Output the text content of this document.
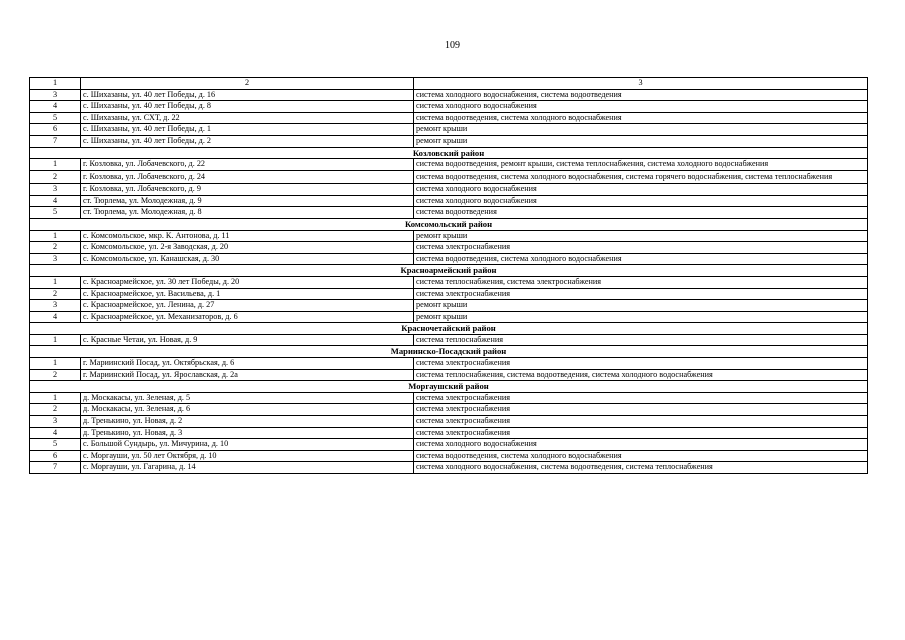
109
1	2	3
3	с. Шихазаны, ул. 40 лет Победы, д. 16	система холодного водоснабжения, система водоотведения
4	с. Шихазаны, ул. 40 лет Победы, д. 8	система холодного водоснабжения
5	с. Шихазаны, ул. СХТ, д. 22	система водоотведения, система холодного водоснабжения
6	с. Шихазаны, ул. 40 лет Победы, д. 1	ремонт крыши
7	с. Шихазаны, ул. 40 лет Победы, д. 2	ремонт крыши
Козловский район		
1	г. Козловка, ул. Лобачевского, д. 22	система водоотведения, ремонт крыши, система теплоснабжения, система холодного водоснабжения
2	г. Козловка, ул. Лобачевского, д. 24	система водоотведения, система холодного водоснабжения, система горячего водоснабжения, система теплоснабжения
3	г. Козловка, ул. Лобачевского, д. 9	система холодного водоснабжения
4	ст. Тюрлема, ул. Молодежная, д. 9	система холодного водоснабжения
5	ст. Тюрлема, ул. Молодежная, д. 8	система водоотведения
Комсомольский район		
1	с. Комсомольское, мкр. К. Антонова, д. 11	ремонт крыши
2	с. Комсомольское, ул. 2-я Заводская, д. 20	система электроснабжения
3	с. Комсомольское, ул. Канашская, д. 30	система водоотведения, система холодного водоснабжения
Красноармейский район		
1	с. Красноармейское, ул. 30 лет Победы, д. 20	система теплоснабжения, система электроснабжения
2	с. Красноармейское, ул. Васильева, д. 1	система электроснабжения
3	с. Красноармейское, ул. Ленина, д. 27	ремонт крыши
4	с. Красноармейское, ул. Механизаторов, д. 6	ремонт крыши
Красночетайский район		
1	с. Красные Четаи, ул. Новая, д. 9	система теплоснабжения
Мариинско-Посадский район		
1	г. Мариинский Посад, ул. Октябрьская, д. 6	система электроснабжения
2	г. Мариинский Посад, ул. Ярославская, д. 2а	система теплоснабжения, система водоотведения, система холодного водоснабжения
Моргаушский район		
1	д. Москакасы, ул. Зеленая, д. 5	система электроснабжения
2	д. Москакасы, ул. Зеленая, д. 6	система электроснабжения
3	д. Тренькино, ул. Новая, д. 2	система электроснабжения
4	д. Тренькино, ул. Новая, д. 3	система электроснабжения
5	с. Большой Сундырь, ул. Мичурина, д. 10	система холодного водоснабжения
6	с. Моргауши, ул. 50 лет Октября, д. 10	система водоотведения, система холодного водоснабжения
7	с. Моргауши, ул. Гагарина, д. 14	система холодного водоснабжения, система водоотведения, система теплоснабжения
